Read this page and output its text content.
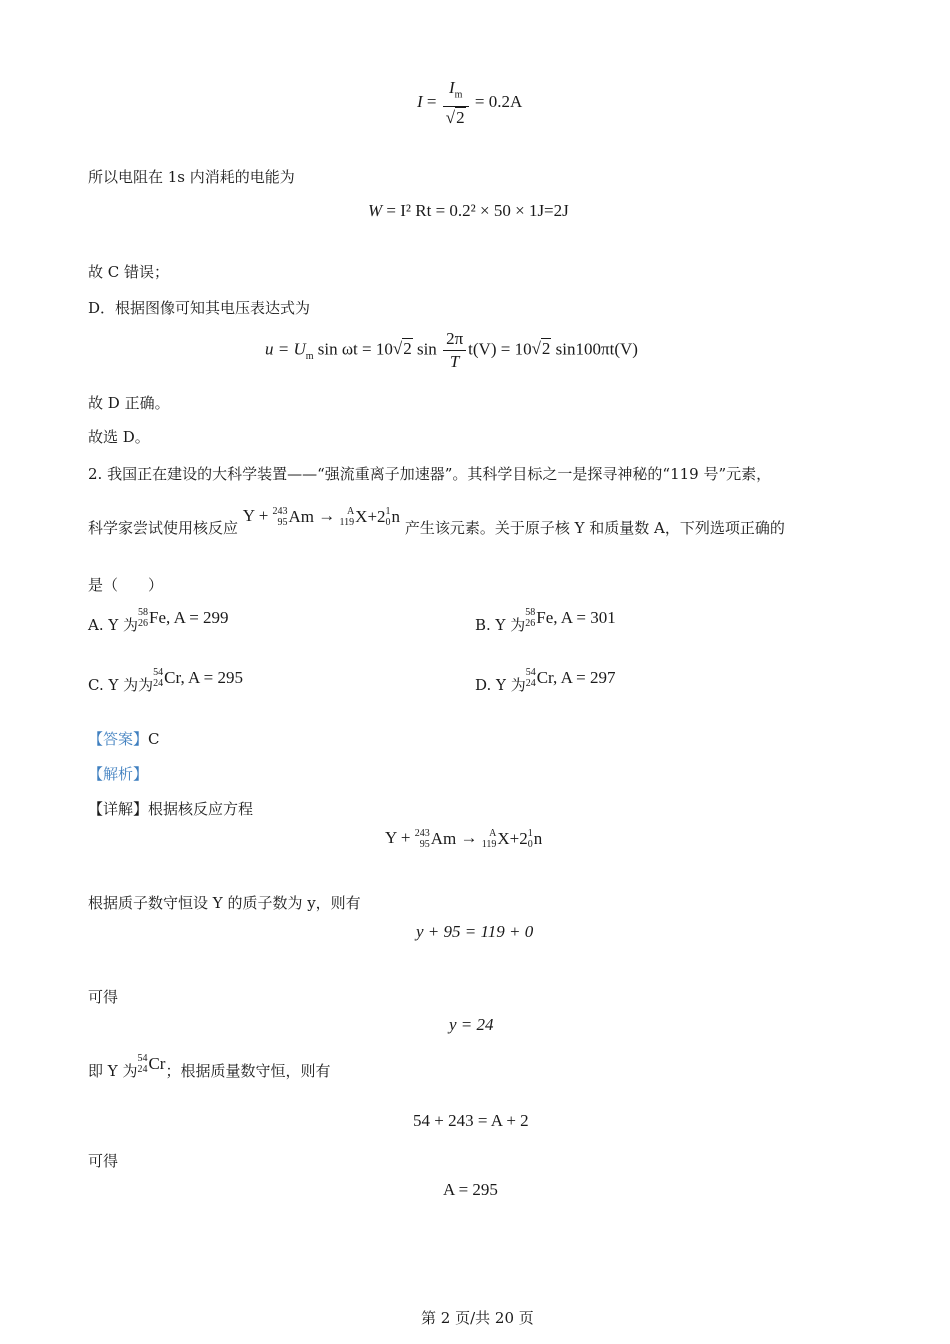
$I = \frac{I_m}{√2} = 0.2A$
所以电阻在 1s 内消耗的电能为
W = I² Rt = 0.2² × 50 × 1J=2J
故 C 错误；
D．根据图像可知其电压表达式为
$u = U_m$ sin ωt = 10√2 $\sin \frac{2\pi}{T} t(V) = 10√2$ sin100πt(V)
故 D 正确。
故选 D。
2. 我国正在建设的大科学装置——“强流重离子加速器”。其科学目标之一是探寻神秘的“119 号”元素，
科学家尝试使用核反应 Y + 243
95 Am → A
119 X+2 1
0 n
产生该元素。关于原子核 Y 和质量数 A，下列选项正确的
是（　　）
A. Y 为
58
26 Fe, A = 299	B. Y 为
58
26 Fe, A = 301
C. Y 为为
54
24 Cr, A = 295	D. Y 为
54
24 Cr, A = 297
【答案】C
【解析】
【详解】根据核反应方程
Y + 243
95 Am → A
119 X+2 1
0 n
根据质子数守恒设 Y 的质子数为 y，则有
y + 95 = 119 + 0
可得
y = 24
即 Y 为
54
24 Cr ；根据质量数守恒，则有
54 + 243 = A + 2
可得
A = 295
第 2 页/共 20 页
